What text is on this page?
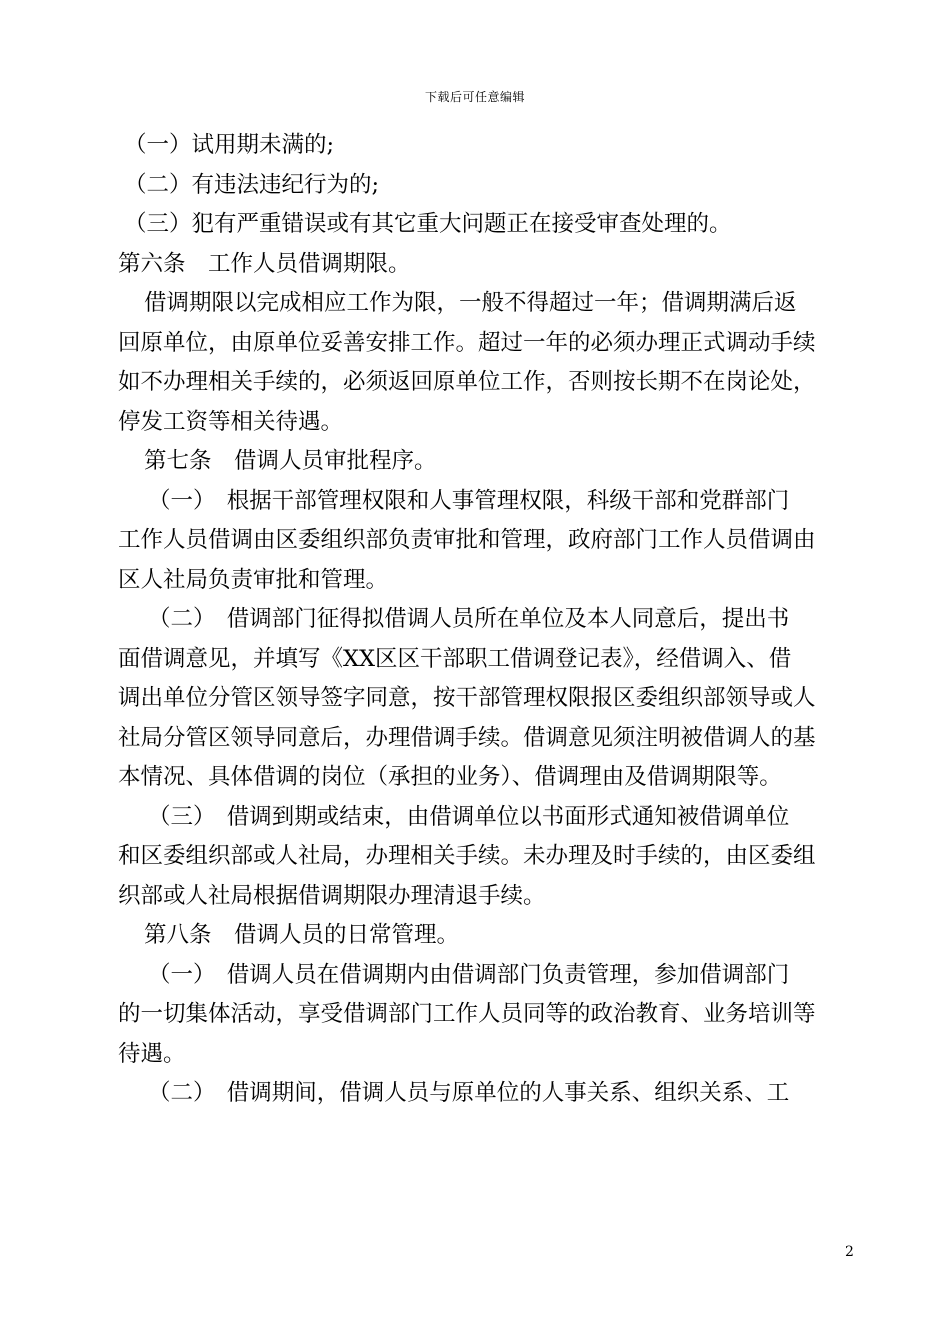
下载后可任意编辑

（一）试用期未满的;

（二）有违法违纪行为的;

（三）犯有严重错误或有其它重大问题正在接受审查处理的。

第六条　工作人员借调期限。

借调期限以完成相应工作为限，一般不得超过一年；借调期满后返
回原单位，由原单位妥善安排工作。超过一年的必须办理正式调动手续
如不办理相关手续的，必须返回原单位工作，否则按长期不在岗论处，
停发工资等相关待遇。

第七条　借调人员审批程序。

（一）　根据干部管理权限和人事管理权限，科级干部和党群部门
工作人员借调由区委组织部负责审批和管理，政府部门工作人员借调由
区人社局负责审批和管理。

（二）　借调部门征得拟借调人员所在单位及本人同意后，提出书
面借调意见，并填写《XX区区干部职工借调登记表》，经借调入、借
调出单位分管区领导签字同意，按干部管理权限报区委组织部领导或人
社局分管区领导同意后，办理借调手续。借调意见须注明被借调人的基
本情况、具体借调的岗位（承担的业务）、借调理由及借调期限等。

（三）　借调到期或结束，由借调单位以书面形式通知被借调单位
和区委组织部或人社局，办理相关手续。未办理及时手续的，由区委组
织部或人社局根据借调期限办理清退手续。

第八条　借调人员的日常管理。

（一）　借调人员在借调期内由借调部门负责管理，参加借调部门
的一切集体活动，享受借调部门工作人员同等的政治教育、业务培训等
待遇。

（二）　借调期间，借调人员与原单位的人事关系、组织关系、工

2
